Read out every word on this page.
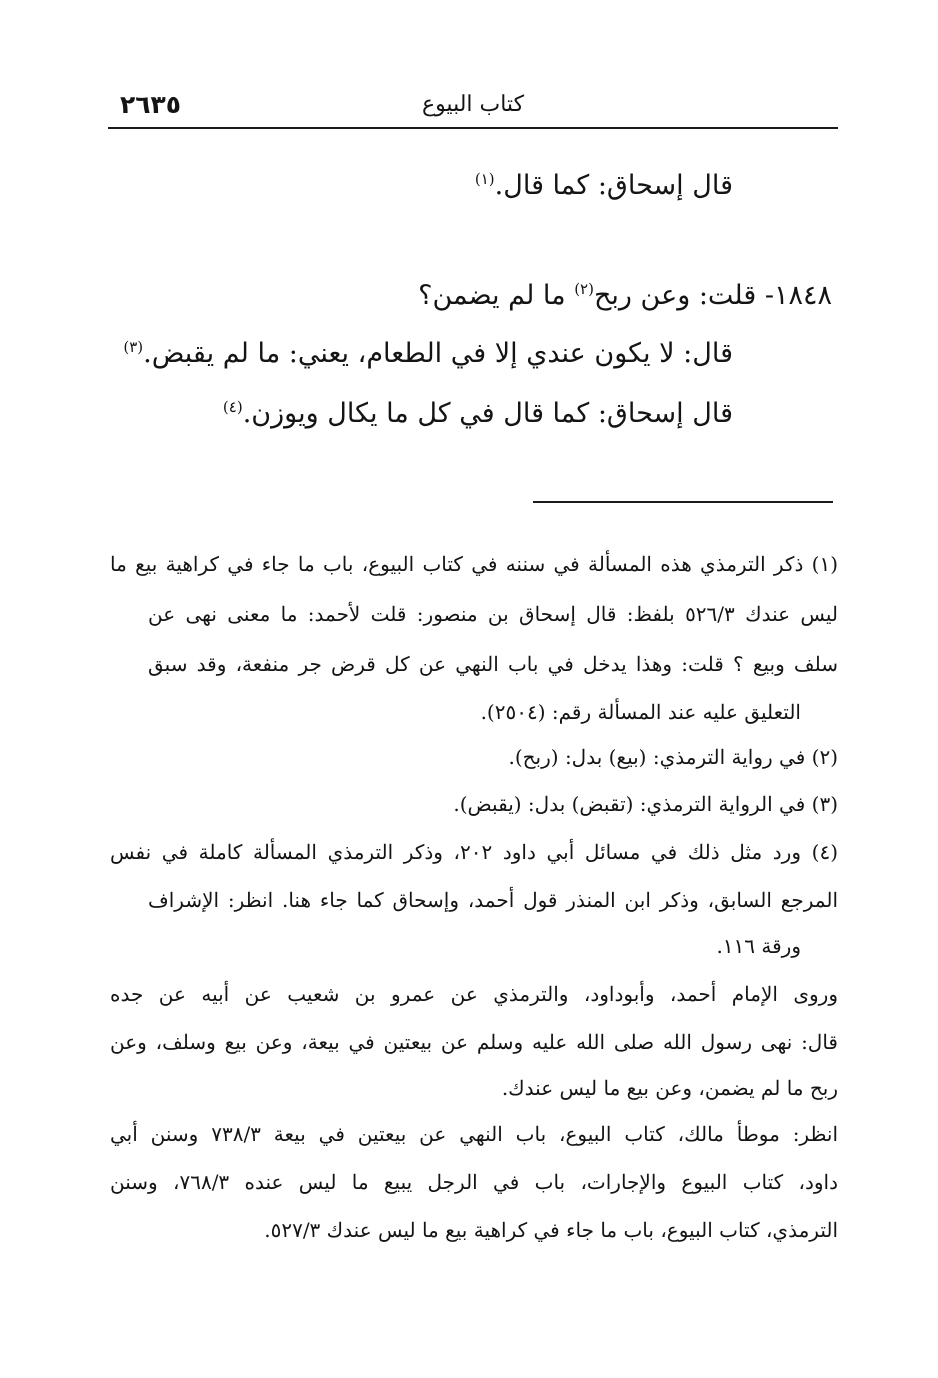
٢٦٣٥	كتاب البيوع
قال إسحاق: كما قال.$^{(١)}$
١٨٤٨- قلت: وعن ربح$^{(٢)}$ ما لم يضمن؟
قال: لا يكون عندي إلا في الطعام، يعني: ما لم يقبض.$^{(٣)}$
قال إسحاق: كما قال في كل ما يكال ويوزن.$^{(٤)}$
(١) ذكر الترمذي هذه المسألة في سننه في كتاب البيوع، باب ما جاء في كراهية بيع ما
ليس عندك ٥٢٦/٣ بلفظ: قال إسحاق بن منصور: قلت لأحمد: ما معنى نهى عن
سلف وبيع ؟ قلت: وهذا يدخل في باب النهي عن كل قرض جر منفعة، وقد سبق
التعليق عليه عند المسألة رقم: (٢٥٠٤).
(٢) في رواية الترمذي: (بيع) بدل: (ربح).
(٣) في الرواية الترمذي: (تقبض) بدل: (يقبض).
(٤) ورد مثل ذلك في مسائل أبي داود ٢٠٢، وذكر الترمذي المسألة كاملة في نفس
المرجع السابق، وذكر ابن المنذر قول أحمد، وإسحاق كما جاء هنا. انظر: الإشراف
ورقة ١١٦.
وروى الإمام أحمد، وأبوداود، والترمذي عن عمرو بن شعيب عن أبيه عن جده
قال: نهى رسول الله صلى الله عليه وسلم عن بيعتين في بيعة، وعن بيع وسلف، وعن
ربح ما لم يضمن، وعن بيع ما ليس عندك.
انظر: موطأ مالك، كتاب البيوع، باب النهي عن بيعتين في بيعة ٧٣٨/٣ وسنن أبي
داود، كتاب البيوع والإجارات، باب في الرجل يبيع ما ليس عنده ٧٦٨/٣، وسنن
الترمذي، كتاب البيوع، باب ما جاء في كراهية بيع ما ليس عندك ٥٢٧/٣.
